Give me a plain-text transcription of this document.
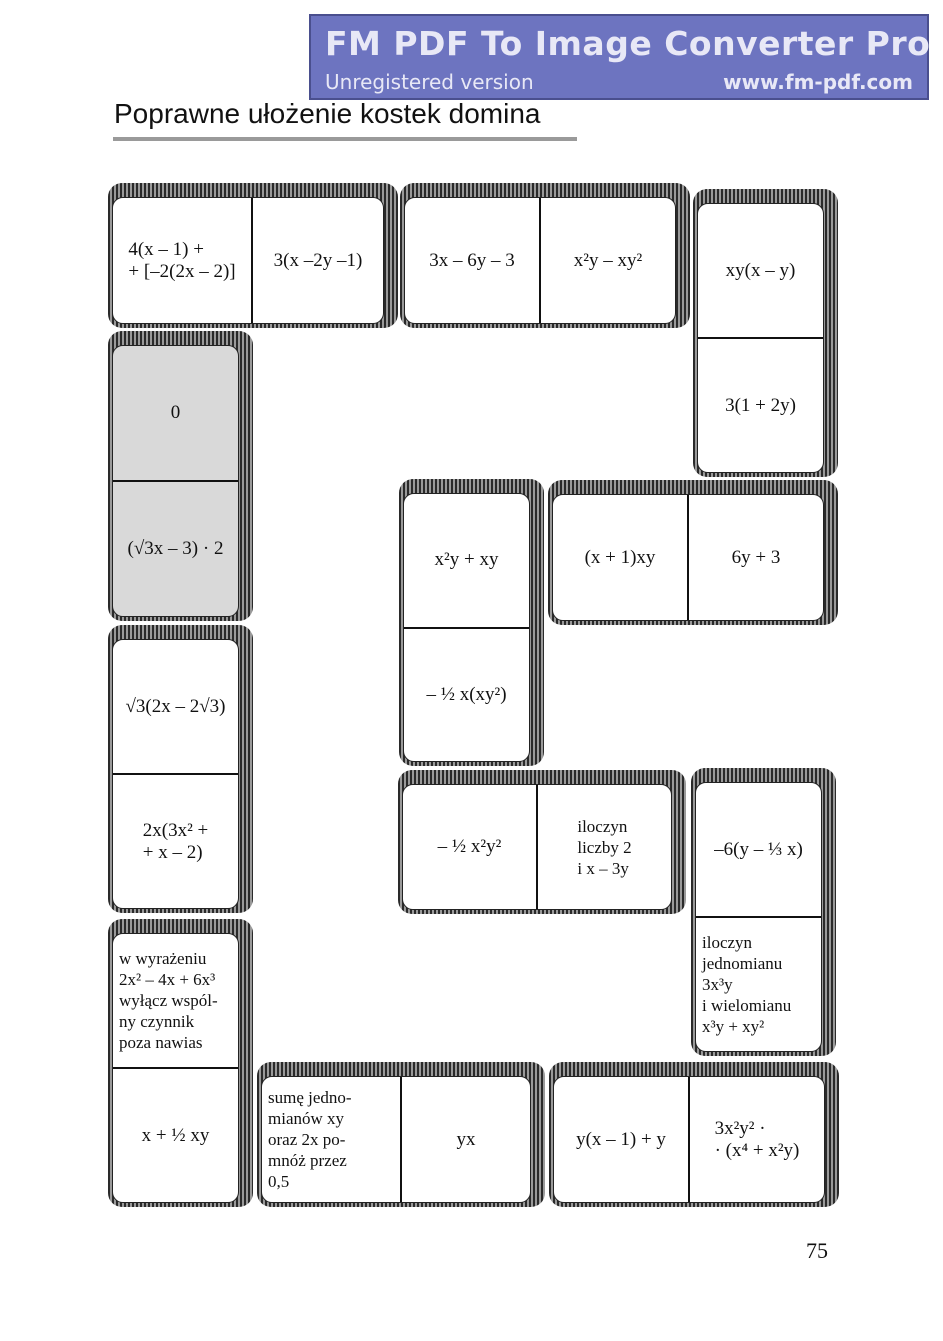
FM PDF To Image Converter Pro
Unregistered version	www.fm-pdf.com
Poprawne ułożenie kostek domina
4(x – 1) +
+ [–2(2x – 2)]
3(x –2y –1)	3x – 6y – 3	x²y – xy²	xy(x – y)
3(1 + 2y)
0
(√3x – 3) · 2
x²y + xy
– ½ x(xy²)
(x + 1)xy	6y + 3
√3(2x – 2√3)
2x(3x² +
+ x – 2)	– ½ x²y²
iloczyn
liczby 2
i x – 3y
–6(y – ⅓ x)
iloczyn
jednomianu
3x³y
i wielomianu
x³y + xy²
w wyrażeniu
2x² – 4x + 6x³
wyłącz wspól-
ny czynnik
poza nawias
x + ½ xy
sumę jedno-
mianów xy
oraz 2x po-
mnóż przez
0,5
yx	y(x – 1) + y
3x²y² ·
· (x⁴ + x²y)
75
